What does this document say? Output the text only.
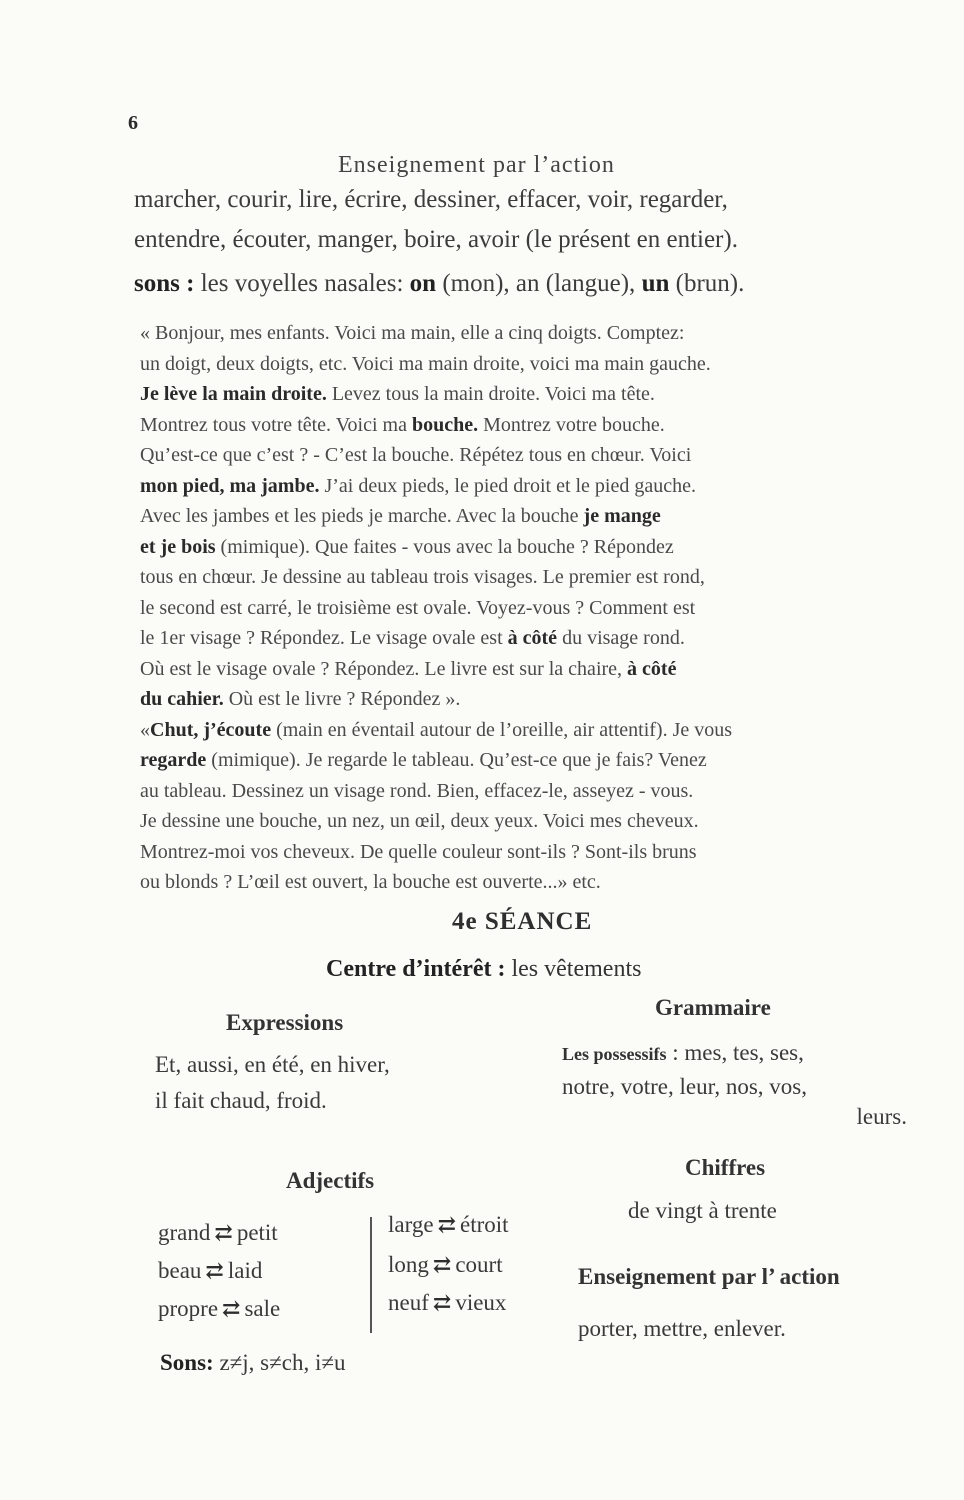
6
Enseignement par l’action
marcher, courir, lire, écrire, dessiner, effacer, voir, regarder,
entendre, écouter, manger, boire, avoir (le présent en entier).
sons : les voyelles nasales: on (mon), an (langue), un (brun).
« Bonjour, mes enfants. Voici ma main, elle a cinq doigts. Comptez:
un doigt, deux doigts, etc. Voici ma main droite, voici ma main gauche.
Je lève la main droite. Levez tous la main droite. Voici ma tête.
Montrez tous votre tête. Voici ma bouche. Montrez votre bouche.
Qu’est-ce que c’est ? - C’est la bouche. Répétez tous en chœur. Voici
mon pied, ma jambe. J’ai deux pieds, le pied droit et le pied gauche.
Avec les jambes et les pieds je marche. Avec la bouche je mange
et je bois (mimique). Que faites - vous avec la bouche ? Répondez
tous en chœur. Je dessine au tableau trois visages. Le premier est rond,
le second est carré, le troisième est ovale. Voyez-vous ? Comment est
le 1er visage ? Répondez. Le visage ovale est à côté du visage rond.
Où est le visage ovale ? Répondez. Le livre est sur la chaire, à côté
du cahier. Où est le livre ? Répondez ».
«Chut, j’écoute (main en éventail autour de l’oreille, air attentif). Je vous
regarde (mimique). Je regarde le tableau. Qu’est-ce que je fais? Venez
au tableau. Dessinez un visage rond. Bien, effacez-le, asseyez - vous.
Je dessine une bouche, un nez, un œil, deux yeux. Voici mes cheveux.
Montrez-moi vos cheveux. De quelle couleur sont-ils ? Sont-ils bruns
ou blonds ? L’œil est ouvert, la bouche est ouverte...» etc.
4e SÉANCE
Centre d’intérêt : les vêtements
Expressions
Et, aussi, en été, en hiver,
il fait chaud, froid.
Grammaire
Les possessifs : mes, tes, ses,
notre, votre, leur, nos, vos,
leurs.
Adjectifs
grand ⇄ petit
beau ⇄ laid
propre ⇄ sale
large ⇄ étroit
long ⇄ court
neuf ⇄ vieux
Chiffres
de vingt à trente
Enseignement par l’ action
porter, mettre, enlever.
Sons: z≠j, s≠ch, i≠u
